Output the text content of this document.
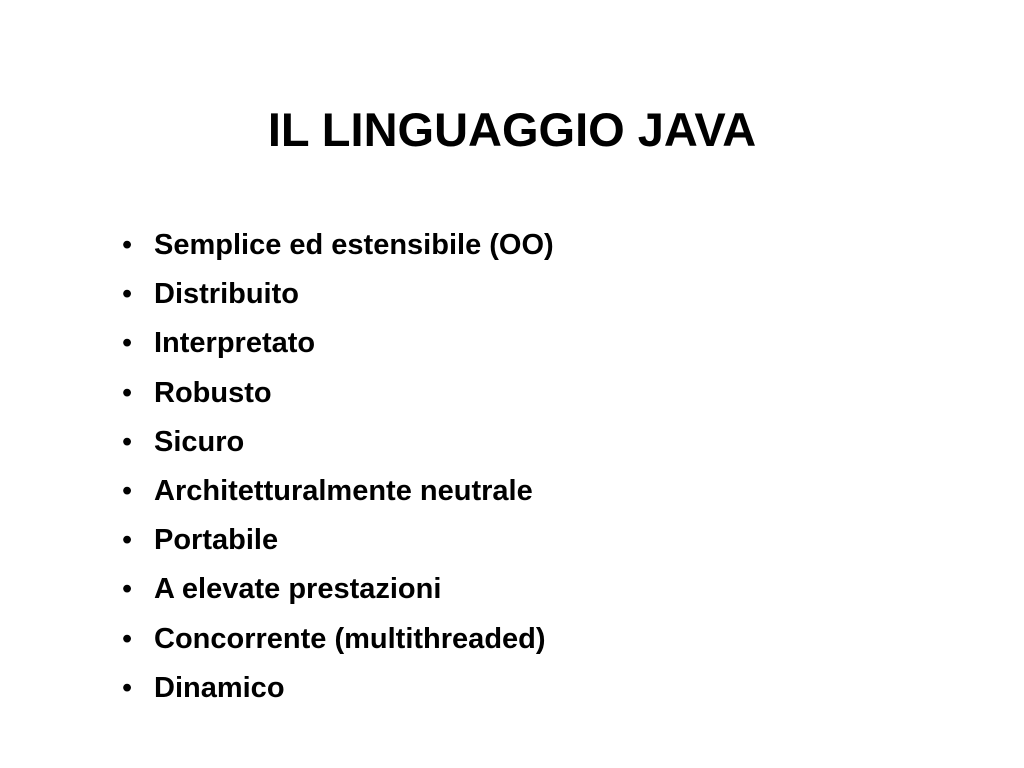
IL LINGUAGGIO JAVA
• Semplice ed estensibile (OO)
• Distribuito
• Interpretato
• Robusto
• Sicuro
• Architetturalmente neutrale
• Portabile
• A elevate prestazioni
• Concorrente (multithreaded)
• Dinamico
